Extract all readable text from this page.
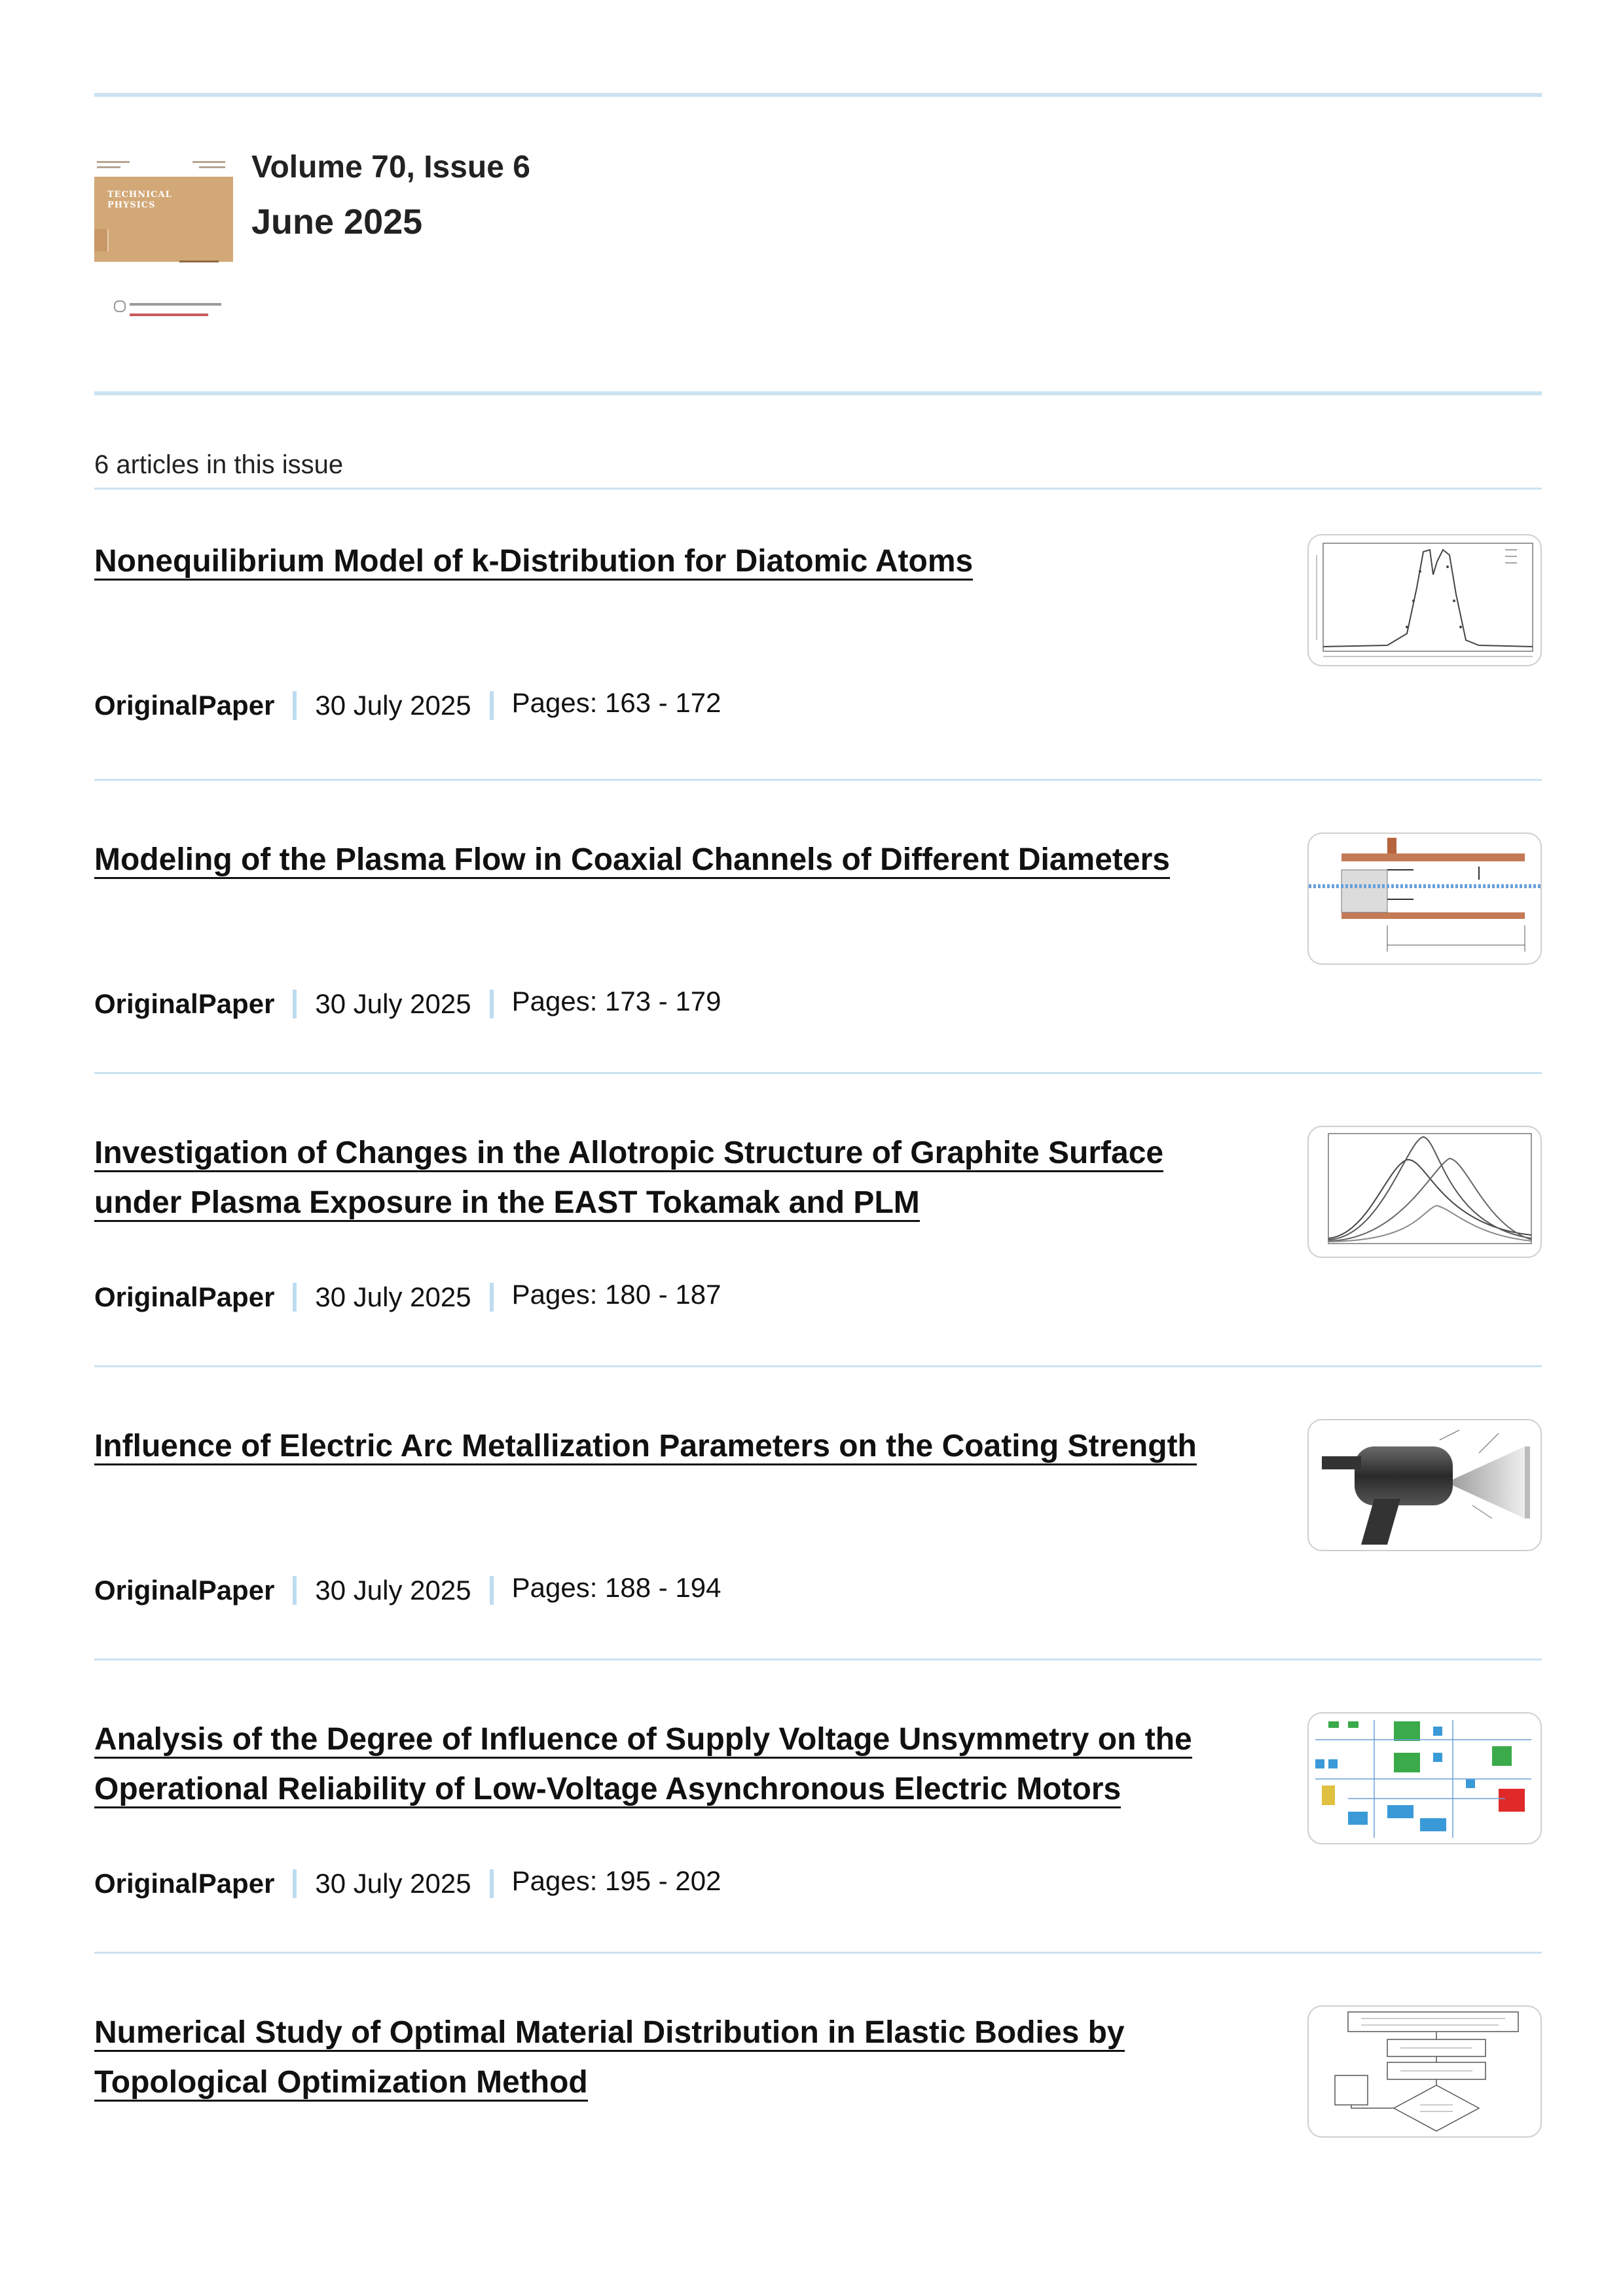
TECHNICAL PHYSICS
Volume 70, Issue 6
June 2025
6 articles in this issue
Nonequilibrium Model of k-Distribution for Diatomic Atoms
OriginalPaper 30 July 2025 Pages: 163 - 172
Modeling of the Plasma Flow in Coaxial Channels of Different Diameters
OriginalPaper 30 July 2025 Pages: 173 - 179
Investigation of Changes in the Allotropic Structure of Graphite Surface under Plasma Exposure in the EAST Tokamak and PLM
OriginalPaper 30 July 2025 Pages: 180 - 187
Influence of Electric Arc Metallization Parameters on the Coating Strength
OriginalPaper 30 July 2025 Pages: 188 - 194
Analysis of the Degree of Influence of Supply Voltage Unsymmetry on the Operational Reliability of Low-Voltage Asynchronous Electric Motors
OriginalPaper 30 July 2025 Pages: 195 - 202
Numerical Study of Optimal Material Distribution in Elastic Bodies by Topological Optimization Method
